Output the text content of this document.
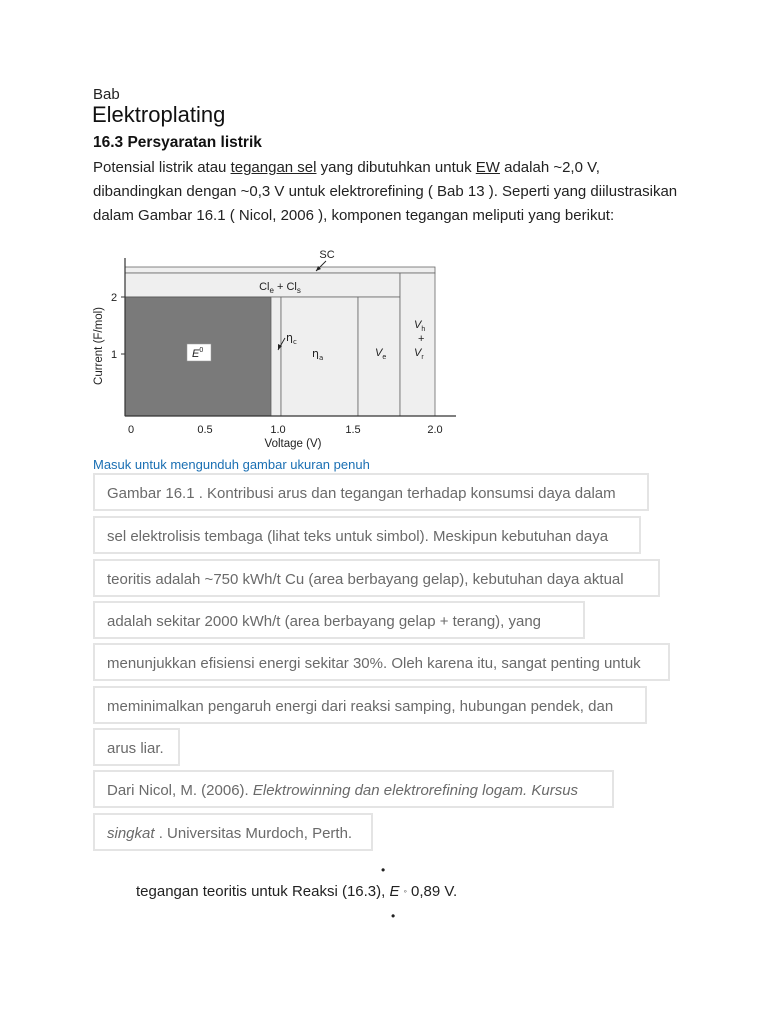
Bab
Elektroplating
16.3 Persyaratan listrik

Potensial listrik atau tegangan sel yang dibutuhkan untuk EW adalah ~2,0 V, dibandingkan dengan ~0,3 V untuk elektrorefining ( Bab 13 ). Seperti yang diilustrasikan dalam Gambar 16.1 ( Nicol, 2006 ), komponen tegangan meliputi yang berikut:

2
1
0	0.5	1.0	1.5	2.0
Voltage (V)
Current (F/mol)
SC
$Cl_e + Cl_s$
$E^0$
$\eta_c$
$\eta_a$	$V_e$
$V_h$
+
$V_r$
Masuk untuk mengunduh gambar ukuran penuh
Gambar 16.1 . Kontribusi arus dan tegangan terhadap konsumsi daya dalam
sel elektrolisis tembaga (lihat teks untuk simbol). Meskipun kebutuhan daya
teoritis adalah ~750 kWh/t Cu (area berbayang gelap), kebutuhan daya aktual
adalah sekitar 2000 kWh/t (area berbayang gelap + terang), yang
menunjukkan efisiensi energi sekitar 30%. Oleh karena itu, sangat penting untuk
meminimalkan pengaruh energi dari reaksi samping, hubungan pendek, dan
arus liar.
Dari Nicol, M. (2006). Elektrowinning dan elektrorefining logam. Kursus
singkat . Universitas Murdoch, Perth.
•
tegangan teoritis untuk Reaksi (16.3), E ◦ 0,89 V.
•
